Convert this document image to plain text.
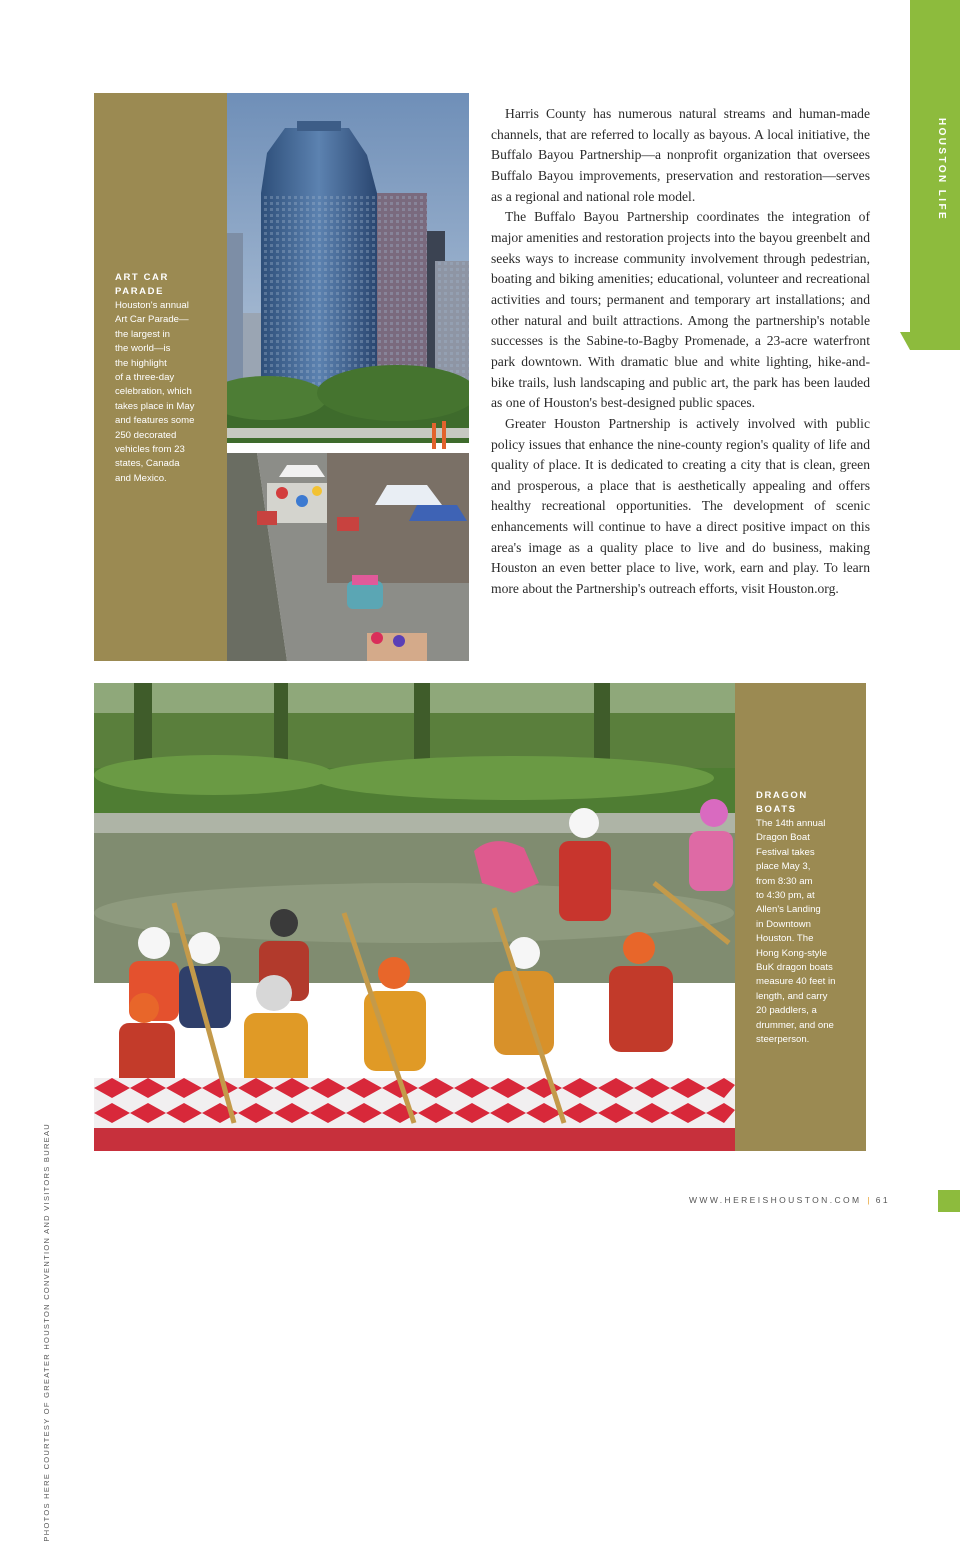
HOUSTON LIFE
ART CAR
PARADE
Houston's annual
Art Car Parade—
the largest in
the world—is
the highlight
of a three-day
celebration, which
takes place in May
and features some
250 decorated
vehicles from 23
states, Canada
and Mexico.

Harris County has numerous natural streams and human-made channels, that are referred to locally as bayous. A local initiative, the Buffalo Bayou Partnership—a nonprofit organization that oversees Buffalo Bayou improvements, preservation and restoration—serves as a regional and national role model.

The Buffalo Bayou Partnership coordinates the integration of major amenities and restoration projects into the bayou greenbelt and seeks ways to increase community involvement through pedestrian, boating and biking amenities; educational, volunteer and recreational activities and tours; permanent and temporary art installations; and other natural and built attractions. Among the partnership's notable successes is the Sabine-to-Bagby Promenade, a 23-acre waterfront park downtown. With dramatic blue and white lighting, hike-and-bike trails, lush landscaping and public art, the park has been lauded as one of Houston's best-designed public spaces.

Greater Houston Partnership is actively involved with public policy issues that enhance the nine-county region's quality of life and quality of place. It is dedicated to creating a city that is clean, green and prosperous, a place that is aesthetically appealing and offers healthy recreational opportunities. The development of scenic enhancements will continue to have a direct positive impact on this area's image as a quality place to live and do business, making Houston an even better place to live, work, earn and play. To learn more about the Partnership's outreach efforts, visit Houston.org.

DRAGON
BOATS
The 14th annual
Dragon Boat
Festival takes
place May 3,
from 8:30 am
to 4:30 pm, at
Allen's Landing
in Downtown
Houston. The
Hong Kong-style
BuK dragon boats
measure 40 feet in
length, and carry
20 paddlers, a
drummer, and one
steerperson.
PHOTOS HERE COURTESY OF GREATER HOUSTON CONVENTION AND VISITORS BUREAU	WWW.HEREISHOUSTON.COM | 61
